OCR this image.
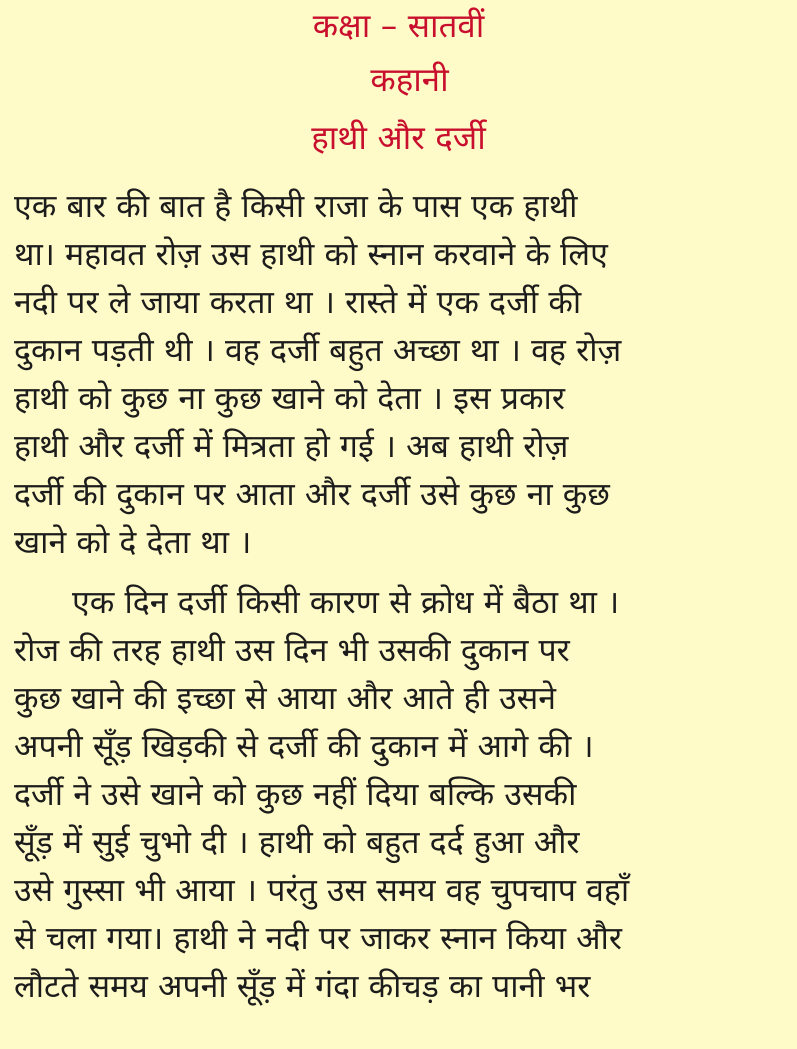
कक्षा – सातवीं
कहानी
हाथी और दर्जी
एक बार की बात है किसी राजा के पास एक हाथी
था। महावत रोज़ उस हाथी को स्नान करवाने के लिए
नदी पर ले जाया करता था । रास्ते में एक दर्जी की
दुकान पड़ती थी । वह दर्जी बहुत अच्छा था । वह रोज़
हाथी को कुछ ना कुछ खाने को देता । इस प्रकार
हाथी और दर्जी में मित्रता हो गई । अब हाथी रोज़
दर्जी की दुकान पर आता और दर्जी उसे कुछ ना कुछ
खाने को दे देता था ।
एक दिन दर्जी किसी कारण से क्रोध में बैठा था ।
रोज की तरह हाथी उस दिन भी उसकी दुकान पर
कुछ खाने की इच्छा से आया और आते ही उसने
अपनी सूँड़ खिड़की से दर्जी की दुकान में आगे की ।
दर्जी ने उसे खाने को कुछ नहीं दिया बल्कि उसकी
सूँड़ में सुई चुभो दी । हाथी को बहुत दर्द हुआ और
उसे गुस्सा भी आया । परंतु उस समय वह चुपचाप वहाँ
से चला गया। हाथी ने नदी पर जाकर स्नान किया और
लौटते समय अपनी सूँड़ में गंदा कीचड़ का पानी भर
